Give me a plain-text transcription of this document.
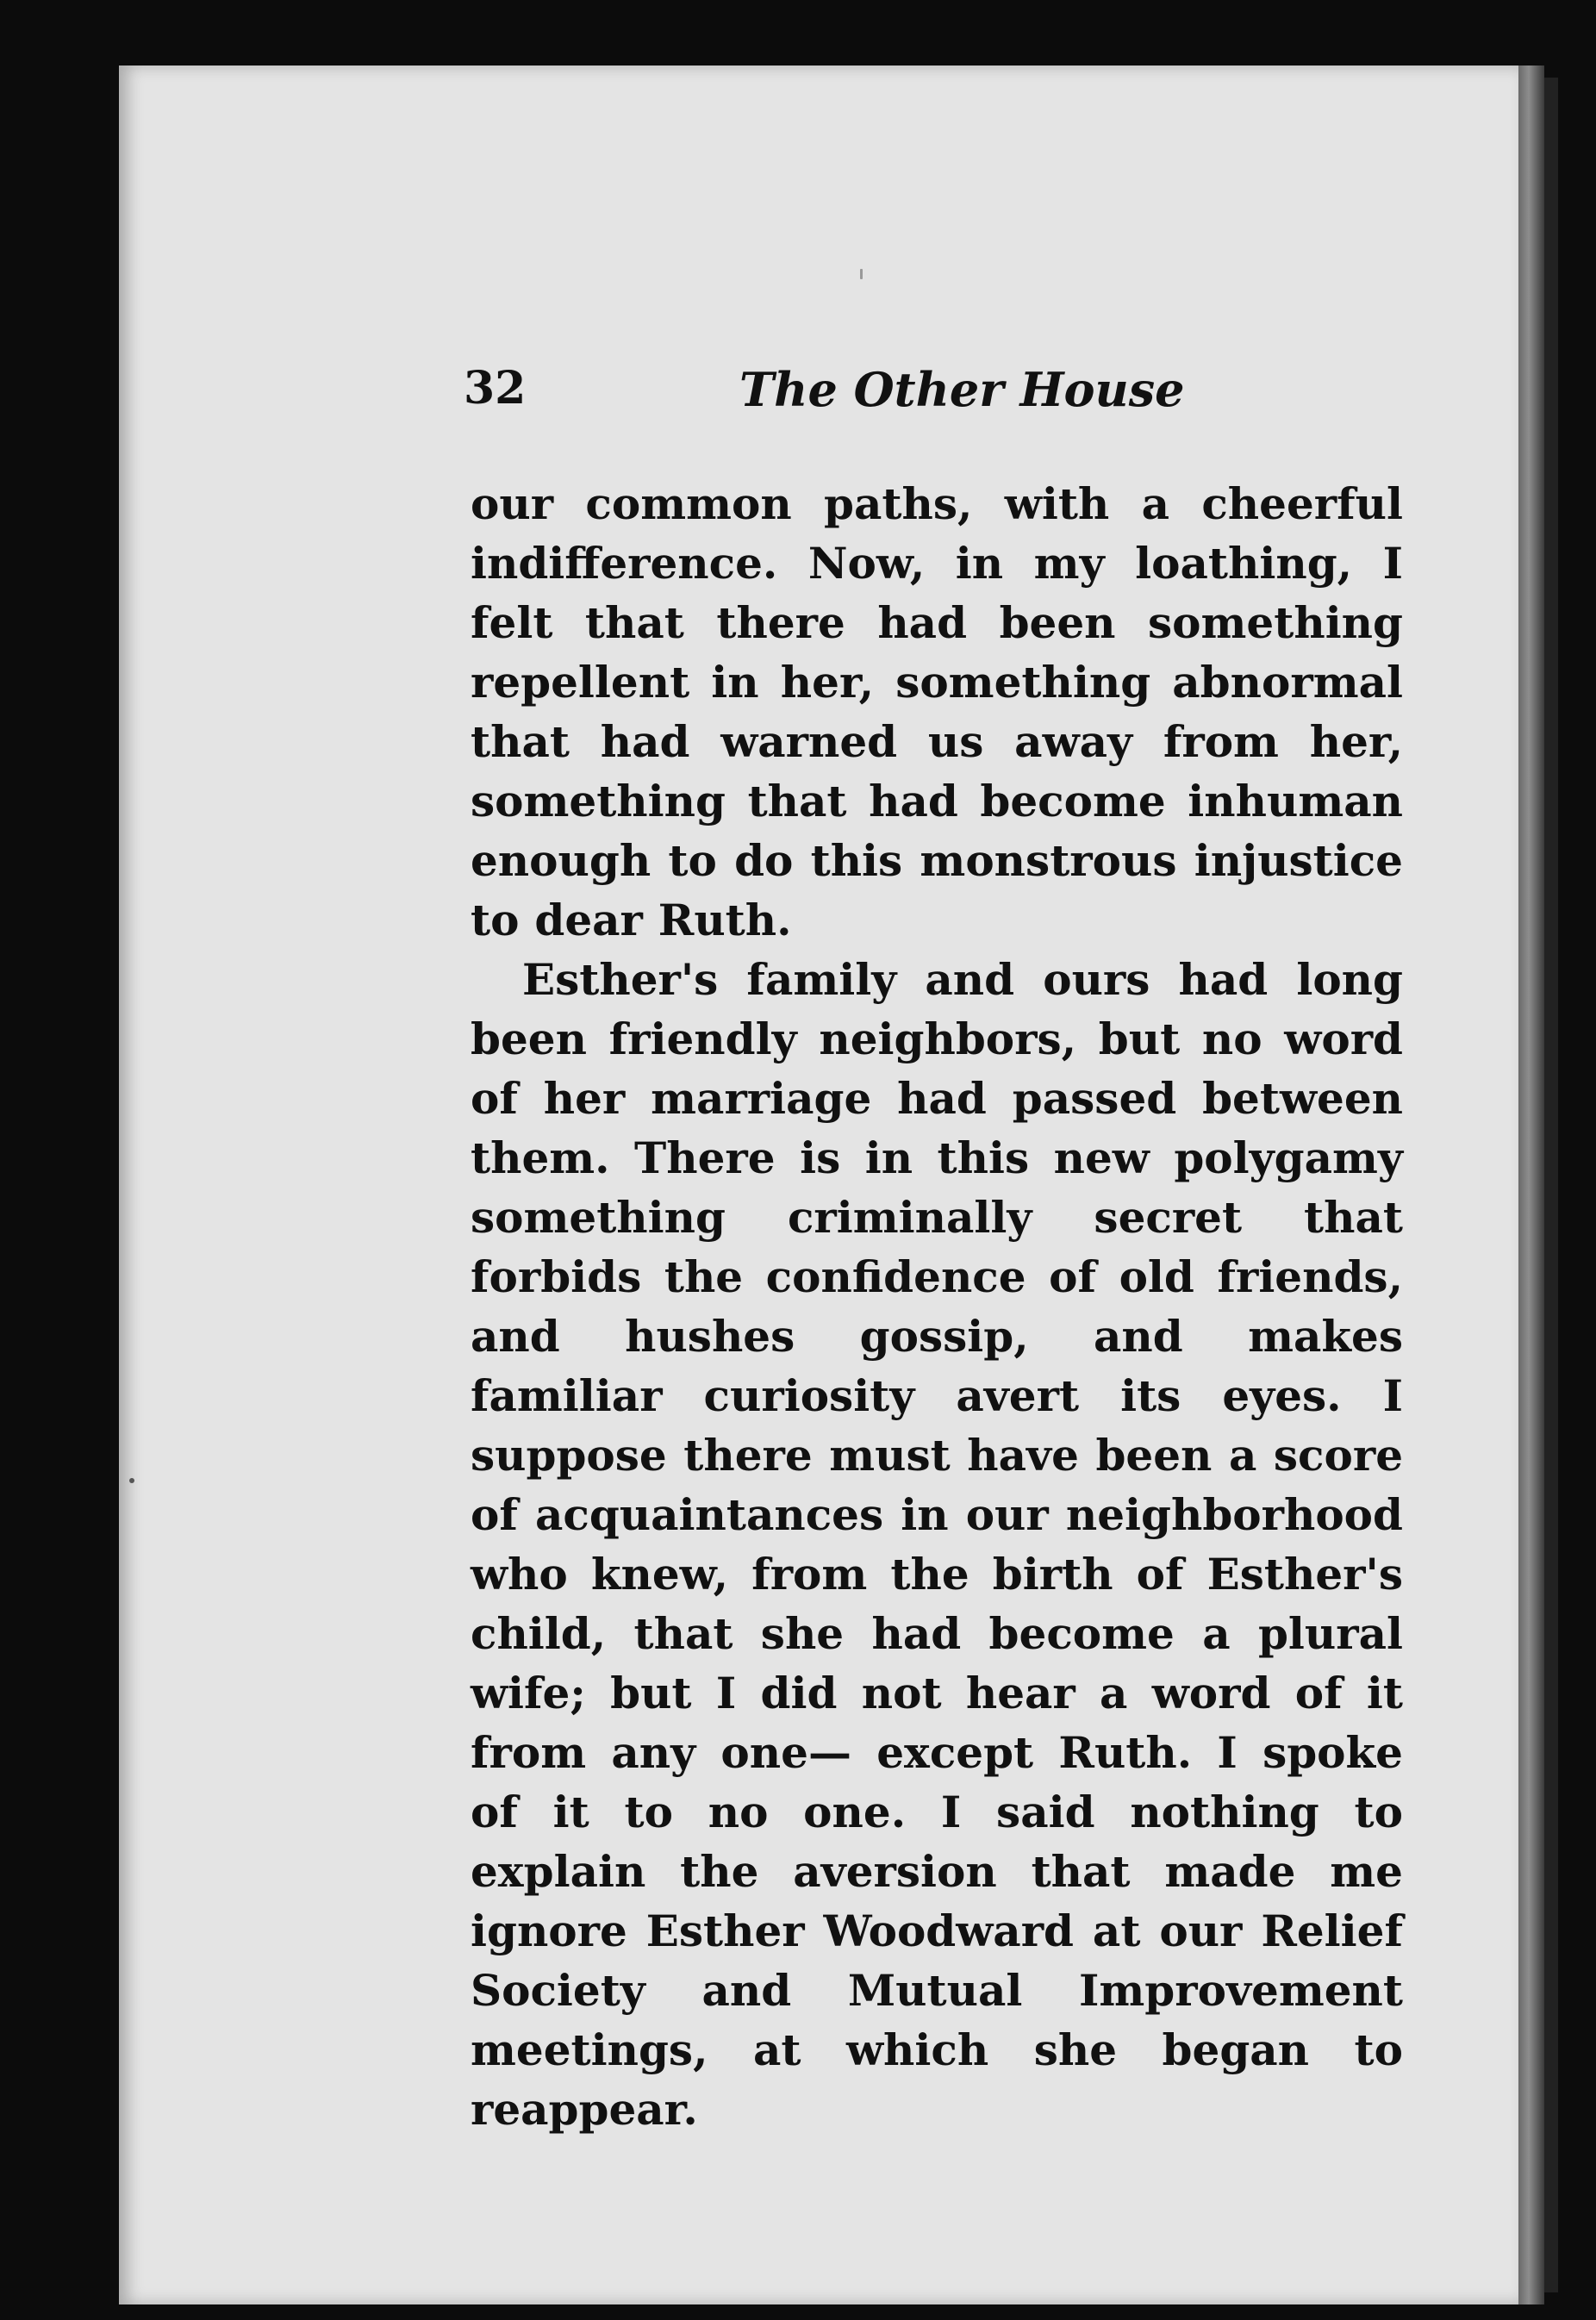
32	The Other House

our common paths, with a cheerful indifference. Now, in my loathing, I felt that there had been something repellent in her, something abnormal that had warned us away from her, something that had become inhuman enough to do this monstrous injustice to dear Ruth.

Esther's family and ours had long been friendly neighbors, but no word of her marriage had passed between them. There is in this new polygamy something criminally secret that forbids the confidence of old friends, and hushes gossip, and makes familiar curiosity avert its eyes. I suppose there must have been a score of acquaintances in our neighborhood who knew, from the birth of Esther's child, that she had become a plural wife; but I did not hear a word of it from any one— except Ruth. I spoke of it to no one. I said nothing to explain the aversion that made me ignore Esther Woodward at our Relief Society and Mutual Improvement meetings, at which she began to reappear.
